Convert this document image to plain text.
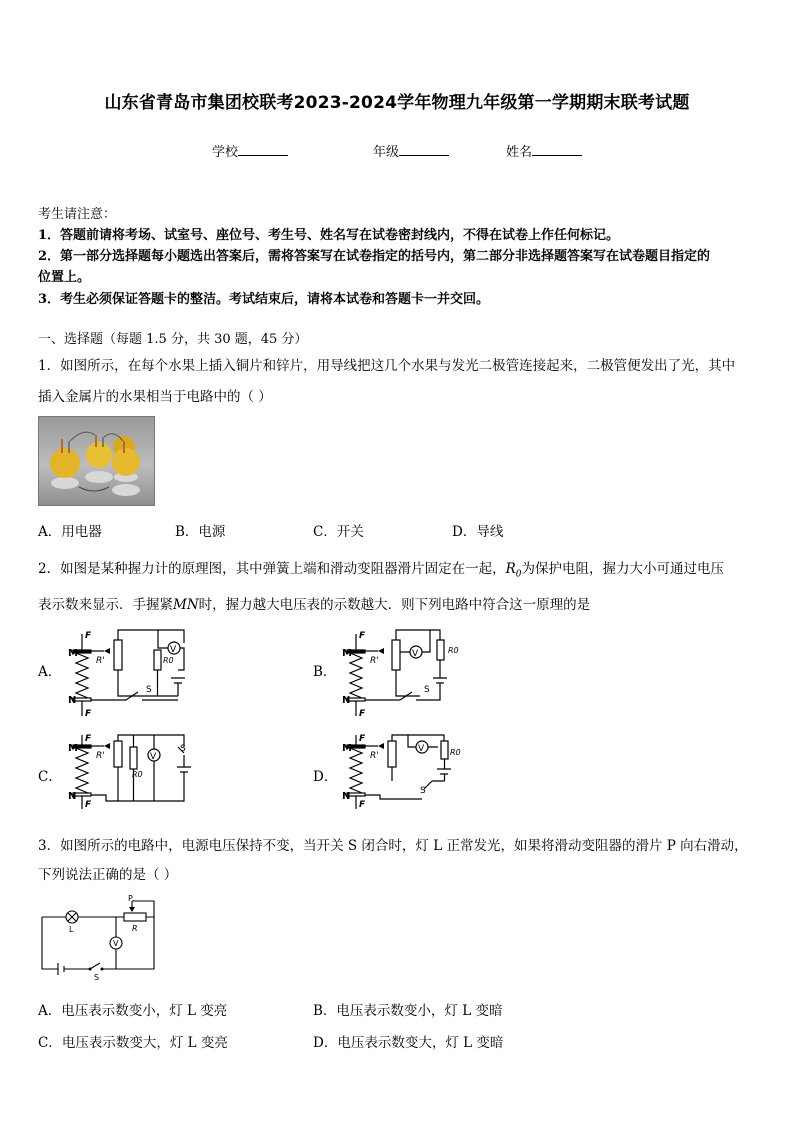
山东省青岛市集团校联考2023-2024学年物理九年级第一学期期末联考试题
学校	年级	姓名
考生请注意：
1．答题前请将考场、试室号、座位号、考生号、姓名写在试卷密封线内，不得在试卷上作任何标记。
2．第一部分选择题每小题选出答案后，需将答案写在试卷指定的括号内，第二部分非选择题答案写在试卷题目指定的
位置上。
3．考生必须保证答题卡的整洁。考试结束后，请将本试卷和答题卡一并交回。
一、选择题（每题 1.5 分，共 30 题，45 分）
1．如图所示，在每个水果上插入铜片和锌片，用导线把这几个水果与发光二极管连接起来，二极管便发出了光，其中
插入金属片的水果相当于电路中的（ ）
A．用电器	B．电源	C．开关	D．导线
2．如图是某种握力计的原理图，其中弹簧上端和滑动变阻器滑片固定在一起，$R_0$为保护电阻，握力大小可通过电压
表示数来显示．手握紧MN时，握力越大电压表的示数越大．则下列电路中符合这一原理的是
A．	B．
C．	D．
M
N
F
F
R'	R0
V
S
M
N
F
F
R'
R0
V
S
M
N
F
F
R'
R0
V
S	M
N
F
F
R'	R0
V
S
3．如图所示的电路中，电源电压保持不变，当开关 S 闭合时，灯 L 正常发光，如果将滑动变阻器的滑片 P 向右滑动，
下列说法正确的是（ ）
P
R
L
V
S
A．电压表示数变小，灯 L 变亮	B．电压表示数变小，灯 L 变暗
C．电压表示数变大，灯 L 变亮	D．电压表示数变大，灯 L 变暗
